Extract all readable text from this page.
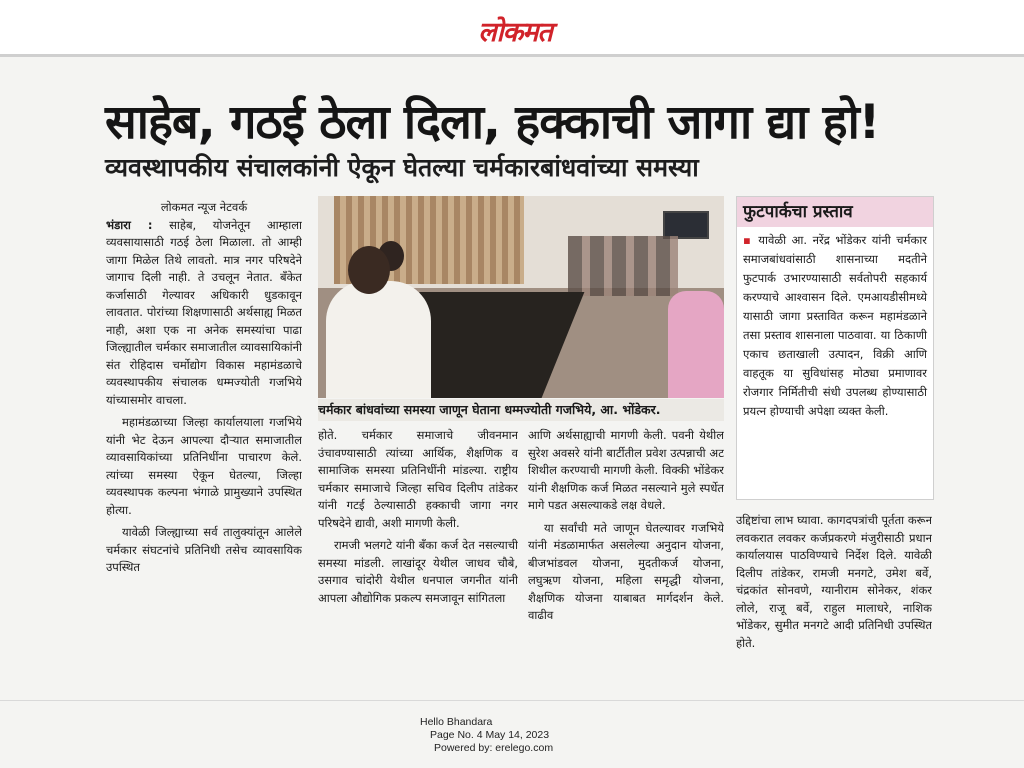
लोकमत
साहेब, गठई ठेला दिला, हक्काची जागा द्या हो!
व्यवस्थापकीय संचालकांनी ऐकून घेतल्या चर्मकारबांधवांच्या समस्या

लोकमत न्यूज नेटवर्क

भंडारा : साहेब, योजनेतून आम्हाला व्यवसायासाठी गठई ठेला मिळाला. तो आम्ही जागा मिळेल तिथे लावतो. मात्र नगर परिषदेने जागाच दिली नाही. ते उचलून नेतात. बँकेत कर्जासाठी गेल्यावर अधिकारी धुडकावून लावतात. पोरांच्या शिक्षणासाठी अर्थसाह्य मिळत नाही, अशा एक ना अनेक समस्यांचा पाढा जिल्ह्यातील चर्मकार समाजातील व्यावसायिकांनी संत रोहिदास चर्मोद्योग विकास महामंडळाचे व्यवस्थापकीय संचालक धम्मज्योती गजभिये यांच्यासमोर वाचला.

महामंडळाच्या जिल्हा कार्यालयाला गजभिये यांनी भेट देऊन आपल्या दौऱ्यात समाजातील व्यावसायिकांच्या प्रतिनिधींना पाचारण केले. त्यांच्या समस्या ऐकून घेतल्या, जिल्हा व्यवस्थापक कल्पना भंगाळे प्रामुख्याने उपस्थित होत्या.

यावेळी जिल्ह्याच्या सर्व तालुक्यांतून आलेले चर्मकार संघटनांचे प्रतिनिधी तसेच व्यावसायिक उपस्थित

चर्मकार बांधवांच्या समस्या जाणून घेताना धम्मज्योती गजभिये, आ. भोंडेकर.

होते. चर्मकार समाजाचे जीवनमान उंचावण्यासाठी त्यांच्या आर्थिक, शैक्षणिक व सामाजिक समस्या प्रतिनिधींनी मांडल्या. राष्ट्रीय चर्मकार समाजाचे जिल्हा सचिव दिलीप तांडेकर यांनी गटई ठेल्यासाठी हक्काची जागा नगर परिषदेने द्यावी, अशी मागणी केली.

रामजी भलगटे यांनी बँका कर्ज देत नसल्याची समस्या मांडली. लाखांदूर येथील जाधव चौबे, उसगाव चांदोरी येथील धनपाल जगनीत यांनी आपला औद्योगिक प्रकल्प समजावून सांगितला

आणि अर्थसाह्याची मागणी केली. पवनी येथील सुरेश अवसरे यांनी बार्टीतील प्रवेश उत्पन्नाची अट शिथील करण्याची मागणी केली. विक्की भोंडेकर यांनी शैक्षणिक कर्ज मिळत नसल्याने मुले स्पर्धेत मागे पडत असल्याकडे लक्ष वेधले.

या सर्वांची मते जाणून घेतल्यावर गजभिये यांनी मंडळामार्फत असलेल्या अनुदान योजना, बीजभांडवल योजना, मुदतीकर्ज योजना, लघुऋण योजना, महिला समृद्धी योजना, शैक्षणिक योजना याबाबत मार्गदर्शन केले. वाढीव

फुटपार्कचा प्रस्ताव
▪ यावेळी आ. नरेंद्र भोंडेकर यांनी चर्मकार समाजबांधवांसाठी शासनाच्या मदतीने फुटपार्क उभारण्यासाठी सर्वतोपरी सहकार्य करण्याचे आश्वासन दिले. एमआयडीसीमध्ये यासाठी जागा प्रस्तावित करून महामंडळाने तसा प्रस्ताव शासनाला पाठवावा. या ठिकाणी एकाच छताखाली उत्पादन, विक्री आणि वाहतूक या सुविधांसह मोठ्या प्रमाणावर रोजगार निर्मितीची संधी उपलब्ध होण्यासाठी प्रयत्न होण्याची अपेक्षा व्यक्त केली.

उद्दिष्टांचा लाभ घ्यावा. कागदपत्रांची पूर्तता करून लवकरात लवकर कर्जप्रकरणे मंजुरीसाठी प्रधान कार्यालयास पाठविण्याचे निर्देश दिले. यावेळी दिलीप तांडेकर, रामजी मनगटे, उमेश बर्वे, चंद्रकांत सोनवणे, ग्यानीराम सोनेकर, शंकर लोले, राजू बर्वे, राहुल मालाधरे, नाशिक भोंडेकर, सुमीत मनगटे आदी प्रतिनिधी उपस्थित होते.

Hello Bhandara
Page No. 4 May 14, 2023
Powered by: erelego.com
